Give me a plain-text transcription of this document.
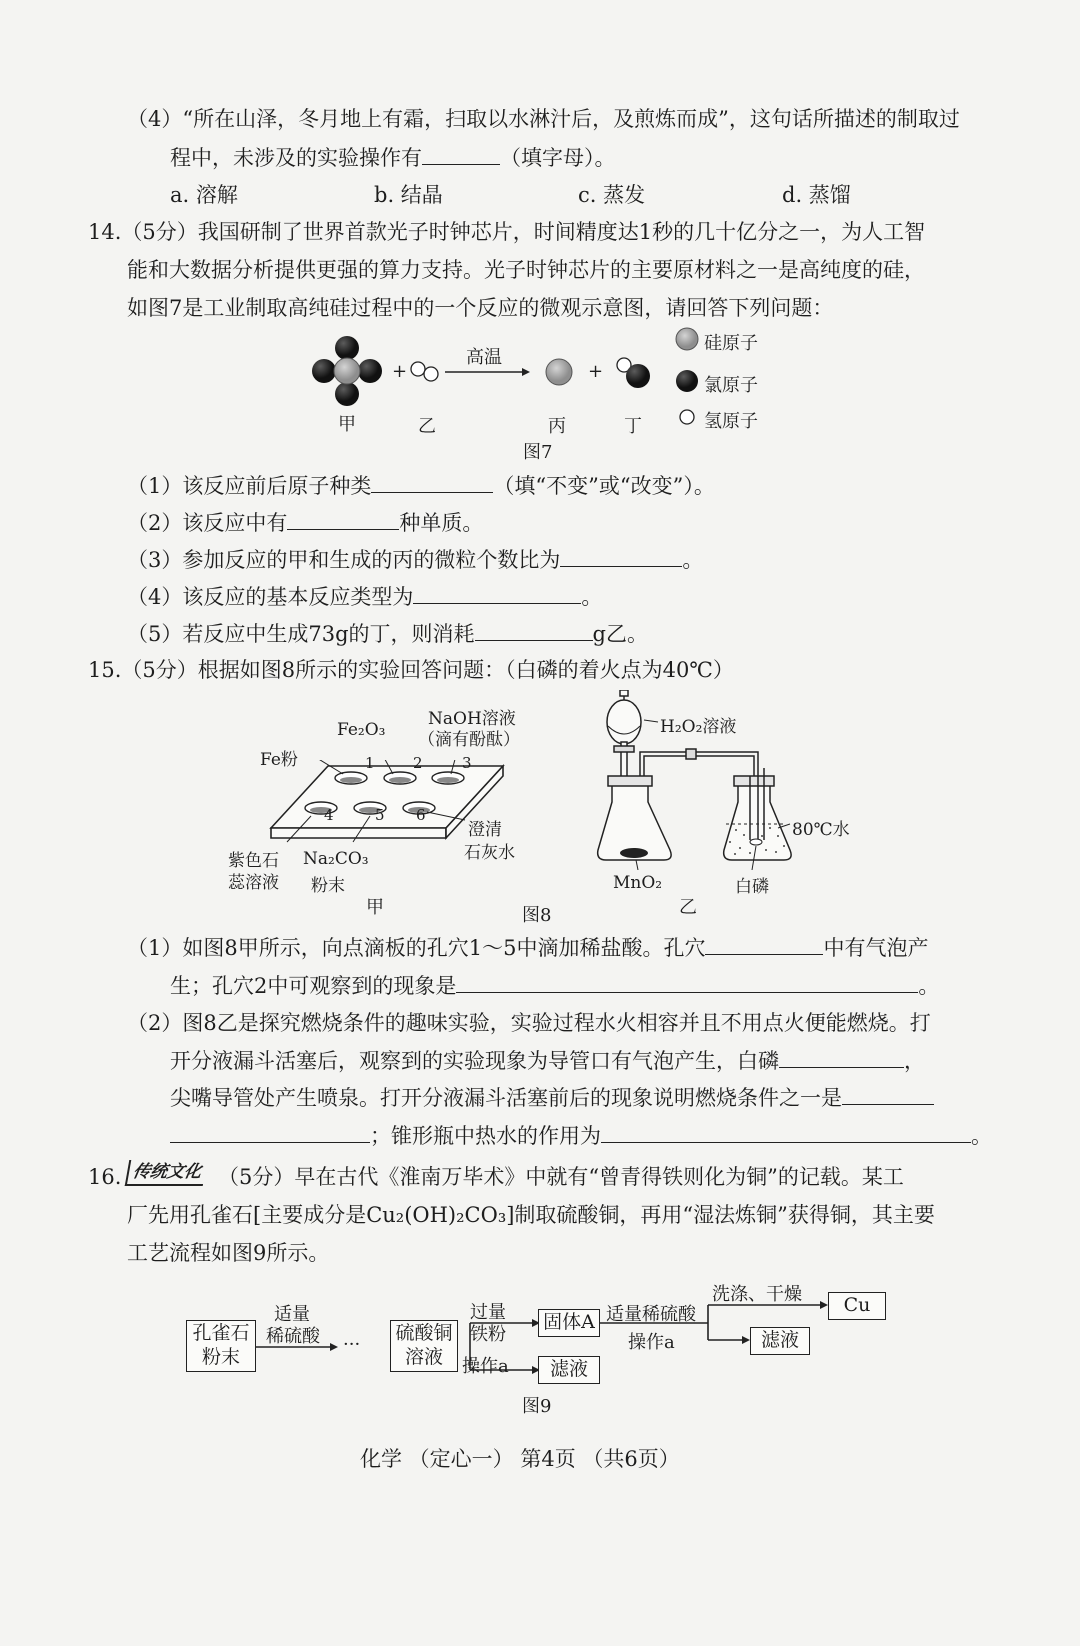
（4）“所在山泽，冬月地上有霜，扫取以水淋汁后，及煎炼而成”，这句话所描述的制取过
程中，未涉及的实验操作有	（填字母）。
a. 溶解	b. 结晶	c. 蒸发	d. 蒸馏
14.（5分）我国研制了世界首款光子时钟芯片，时间精度达1秒的几十亿分之一，为人工智
能和大数据分析提供更强的算力支持。光子时钟芯片的主要原材料之一是高纯度的硅，
如图7是工业制取高纯硅过程中的一个反应的微观示意图，请回答下列问题：
+	+
高温
甲	乙	丙	丁
硅原子
氯原子
氢原子
图7
（1）该反应前后原子种类	（填“不变”或“改变”）。
（2）该反应中有	种单质。
（3）参加反应的甲和生成的丙的微粒个数比为	。
（4）该反应的基本反应类型为	。
（5）若反应中生成73g的丁，则消耗	g乙。
15.（5分）根据如图8所示的实验回答问题：（白磷的着火点为40℃）
Fe粉
Fe₂O₃
NaOH溶液
（滴有酚酞）
1	2	3
4	5 6
澄清
石灰水
紫色石
蕊溶液
Na₂CO₃
粉末
甲	图8
H₂O₂溶液
80℃水
MnO₂	白磷
乙
（1）如图8甲所示，向点滴板的孔穴1～5中滴加稀盐酸。孔穴	中有气泡产
生；孔穴2中可观察到的现象是	。
（2）图8乙是探究燃烧条件的趣味实验，实验过程水火相容并且不用点火便能燃烧。打
开分液漏斗活塞后，观察到的实验现象为导管口有气泡产生，白磷	，
尖嘴导管处产生喷泉。打开分液漏斗活塞前后的现象说明燃烧条件之一是
；锥形瓶中热水的作用为	。
16. 传统文化 （5分）早在古代《淮南万毕术》中就有“曾青得铁则化为铜”的记载。某工
厂先用孔雀石[主要成分是Cu₂(OH)₂CO₃]制取硫酸铜，再用“湿法炼铜”获得铜，其主要
工艺流程如图9所示。
孔雀石
粉末
适量
稀硫酸 ···
硫酸铜
溶液
过量
铁粉
操作a
固体A
滤液
适量稀硫酸
操作a
洗涤、干燥	Cu
滤液
图9
化学 （定心一） 第4页 （共6页）
